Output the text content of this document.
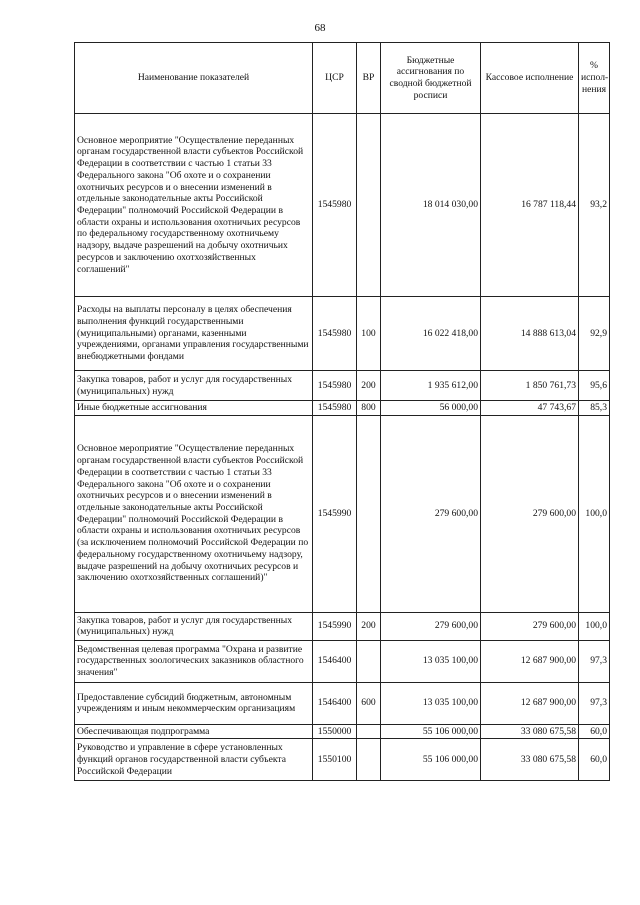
68
Наименование показателей	ЦСР	ВР	Бюджетные ассигнования по сводной бюджетной росписи	Кассовое исполнение	% испол-нения
Основное мероприятие "Осуществление переданных органам государственной власти субъектов Российской Федерации в соответствии с частью 1 статьи 33 Федерального закона "Об охоте и о сохранении охотничьих ресурсов и о внесении изменений в отдельные законодательные акты Российской Федерации" полномочий Российской Федерации в области охраны и использования охотничьих ресурсов по федеральному государственному охотничьему надзору, выдаче разрешений на добычу охотничьих ресурсов и заключению охотхозяйственных соглашений"	1545980		18 014 030,00	16 787 118,44	93,2
Расходы на выплаты персоналу в целях обеспечения выполнения функций государственными (муниципальными) органами, казенными учреждениями, органами управления государственными внебюджетными фондами	1545980	100	16 022 418,00	14 888 613,04	92,9
Закупка товаров, работ и услуг для государственных (муниципальных) нужд	1545980	200	1 935 612,00	1 850 761,73	95,6
Иные бюджетные ассигнования	1545980	800	56 000,00	47 743,67	85,3
Основное мероприятие "Осуществление переданных органам государственной власти субъектов Российской Федерации в соответствии с частью 1 статьи 33 Федерального закона "Об охоте и о сохранении охотничьих ресурсов и о внесении изменений в отдельные законодательные акты Российской Федерации" полномочий Российской Федерации в области охраны и использования охотничьих ресурсов (за исключением полномочий Российской Федерации по федеральному государственному охотничьему надзору, выдаче разрешений на добычу охотничьих ресурсов и заключению охотхозяйственных соглашений)"	1545990		279 600,00	279 600,00	100,0
Закупка товаров, работ и услуг для государственных (муниципальных) нужд	1545990	200	279 600,00	279 600,00	100,0
Ведомственная целевая программа "Охрана и развитие государственных зоологических заказников областного значения"	1546400		13 035 100,00	12 687 900,00	97,3
Предоставление субсидий бюджетным, автономным учреждениям и иным некоммерческим организациям	1546400	600	13 035 100,00	12 687 900,00	97,3
Обеспечивающая подпрограмма	1550000		55 106 000,00	33 080 675,58	60,0
Руководство и управление в сфере установленных функций органов государственной власти субъекта Российской Федерации	1550100		55 106 000,00	33 080 675,58	60,0
